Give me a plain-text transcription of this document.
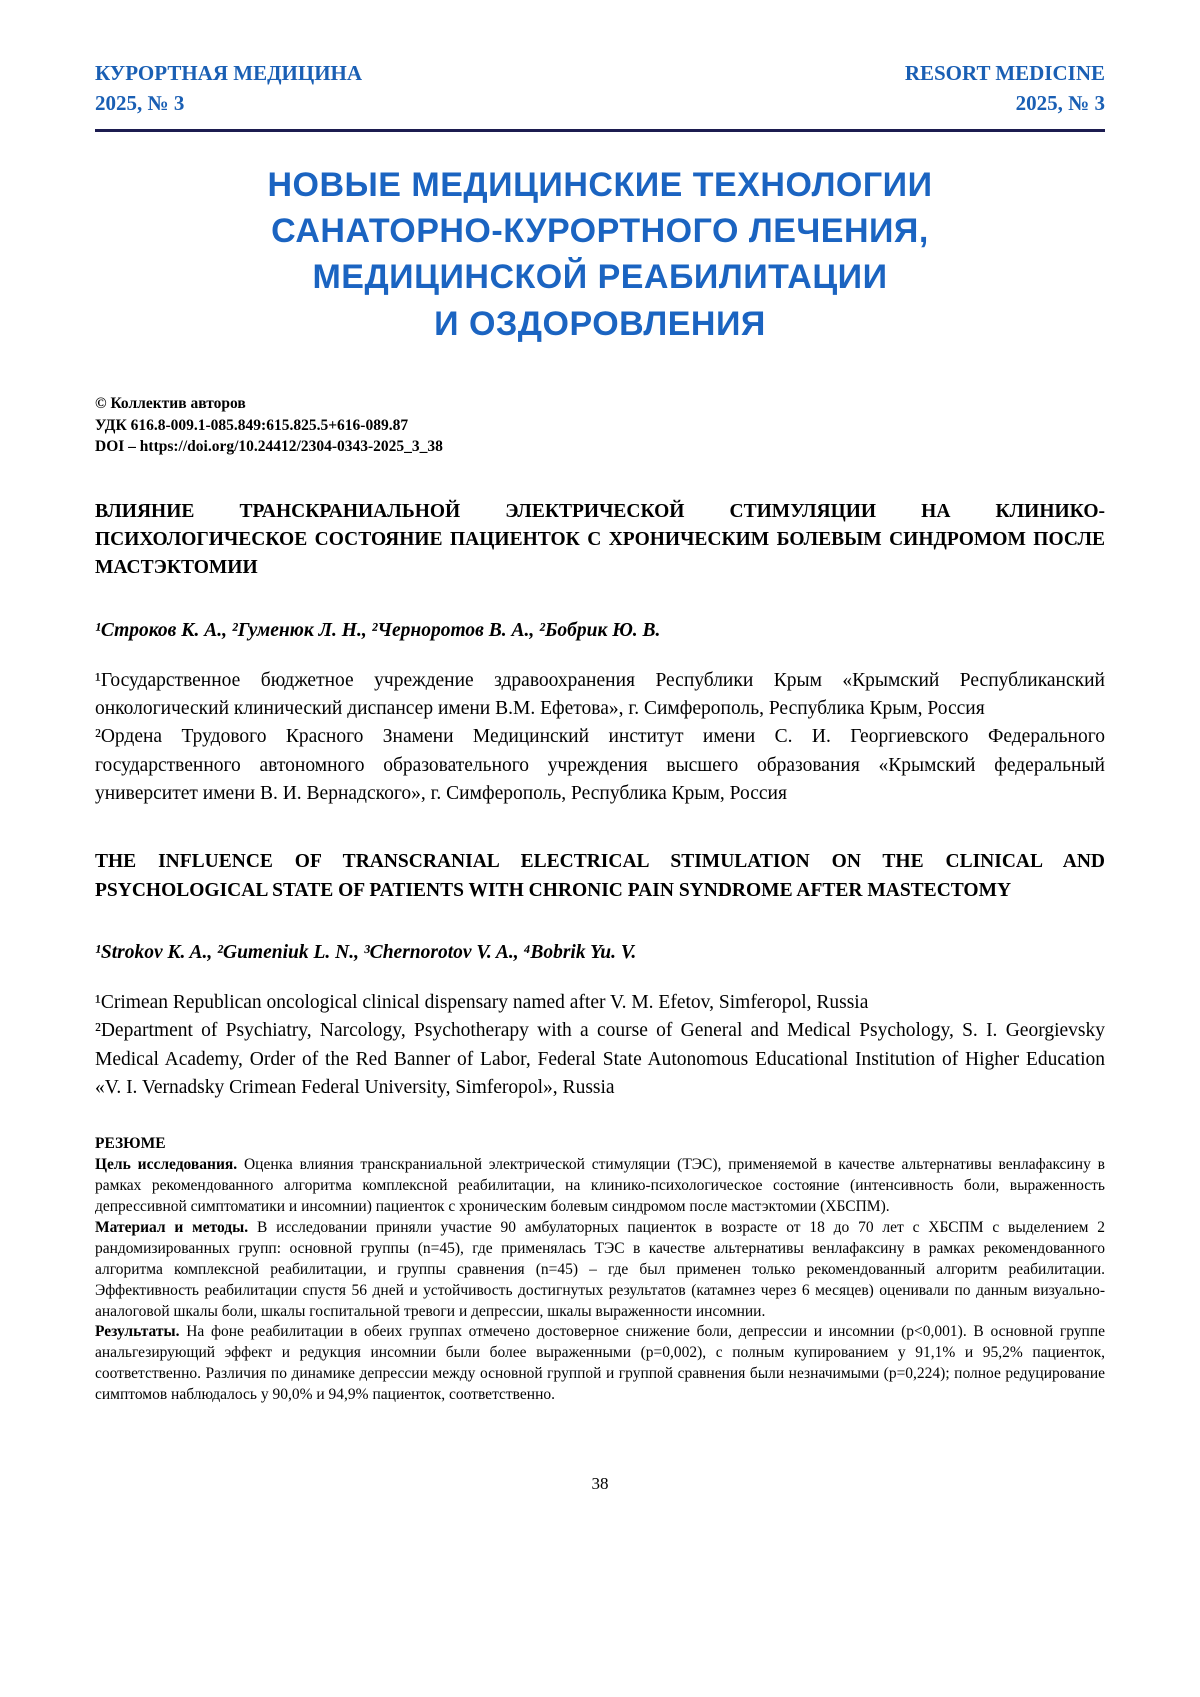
КУРОРТНАЯ МЕДИЦИНА
2025, № 3
RESORT MEDICINE
2025, № 3
НОВЫЕ МЕДИЦИНСКИЕ ТЕХНОЛОГИИ
САНАТОРНО-КУРОРТНОГО ЛЕЧЕНИЯ,
МЕДИЦИНСКОЙ РЕАБИЛИТАЦИИ
И ОЗДОРОВЛЕНИЯ
© Коллектив авторов
УДК 616.8-009.1-085.849:615.825.5+616-089.87
DOI – https://doi.org/10.24412/2304-0343-2025_3_38
ВЛИЯНИЕ ТРАНСКРАНИАЛЬНОЙ ЭЛЕКТРИЧЕСКОЙ СТИМУЛЯЦИИ НА КЛИНИКО-ПСИХОЛОГИЧЕСКОЕ СОСТОЯНИЕ ПАЦИЕНТОК С ХРОНИЧЕСКИМ БОЛЕВЫМ СИНДРОМОМ ПОСЛЕ МАСТЭКТОМИИ
¹Строков К. А., ²Гуменюк Л. Н., ²Черноротов В. А., ²Бобрик Ю. В.

¹Государственное бюджетное учреждение здравоохранения Республики Крым «Крымский Республиканский онкологический клинический диспансер имени В.М. Ефетова», г. Симферополь, Республика Крым, Россия

²Ордена Трудового Красного Знамени Медицинский институт имени С. И. Георгиевского Федерального государственного автономного образовательного учреждения высшего образования «Крымский федеральный университет имени В. И. Вернадского», г. Симферополь, Республика Крым, Россия

THE INFLUENCE OF TRANSCRANIAL ELECTRICAL STIMULATION ON THE CLINICAL AND PSYCHOLOGICAL STATE OF PATIENTS WITH CHRONIC PAIN SYNDROME AFTER MASTECTOMY
¹Strokov K. A., ²Gumeniuk L. N., ³Chernorotov V. A., ⁴Bobrik Yu. V.

¹Crimean Republican oncological clinical dispensary named after V. M. Efetov, Simferopol, Russia

²Department of Psychiatry, Narcology, Psychotherapy with a course of General and Medical Psychology, S. I. Georgievsky Medical Academy, Order of the Red Banner of Labor, Federal State Autonomous Educational Institution of Higher Education «V. I. Vernadsky Crimean Federal University, Simferopol», Russia

РЕЗЮМЕ

Цель исследования. Оценка влияния транскраниальной электрической стимуляции (ТЭС), применяемой в качестве альтернативы венлафаксину в рамках рекомендованного алгоритма комплексной реабилитации, на клинико-психологическое состояние (интенсивность боли, выраженность депрессивной симптоматики и инсомнии) пациенток с хроническим болевым синдромом после мастэктомии (ХБСПМ).

Материал и методы. В исследовании приняли участие 90 амбулаторных пациенток в возрасте от 18 до 70 лет с ХБСПМ с выделением 2 рандомизированных групп: основной группы (n=45), где применялась ТЭС в качестве альтернативы венлафаксину в рамках рекомендованного алгоритма комплексной реабилитации, и группы сравнения (n=45) – где был применен только рекомендованный алгоритм реабилитации. Эффективность реабилитации спустя 56 дней и устойчивость достигнутых результатов (катамнез через 6 месяцев) оценивали по данным визуально-аналоговой шкалы боли, шкалы госпитальной тревоги и депрессии, шкалы выраженности инсомнии.

Результаты. На фоне реабилитации в обеих группах отмечено достоверное снижение боли, депрессии и инсомнии (p<0,001). В основной группе анальгезирующий эффект и редукция инсомнии были более выраженными (p=0,002), с полным купированием у 91,1% и 95,2% пациенток, соответственно. Различия по динамике депрессии между основной группой и группой сравнения были незначимыми (p=0,224); полное редуцирование симптомов наблюдалось у 90,0% и 94,9% пациенток, соответственно.

38
